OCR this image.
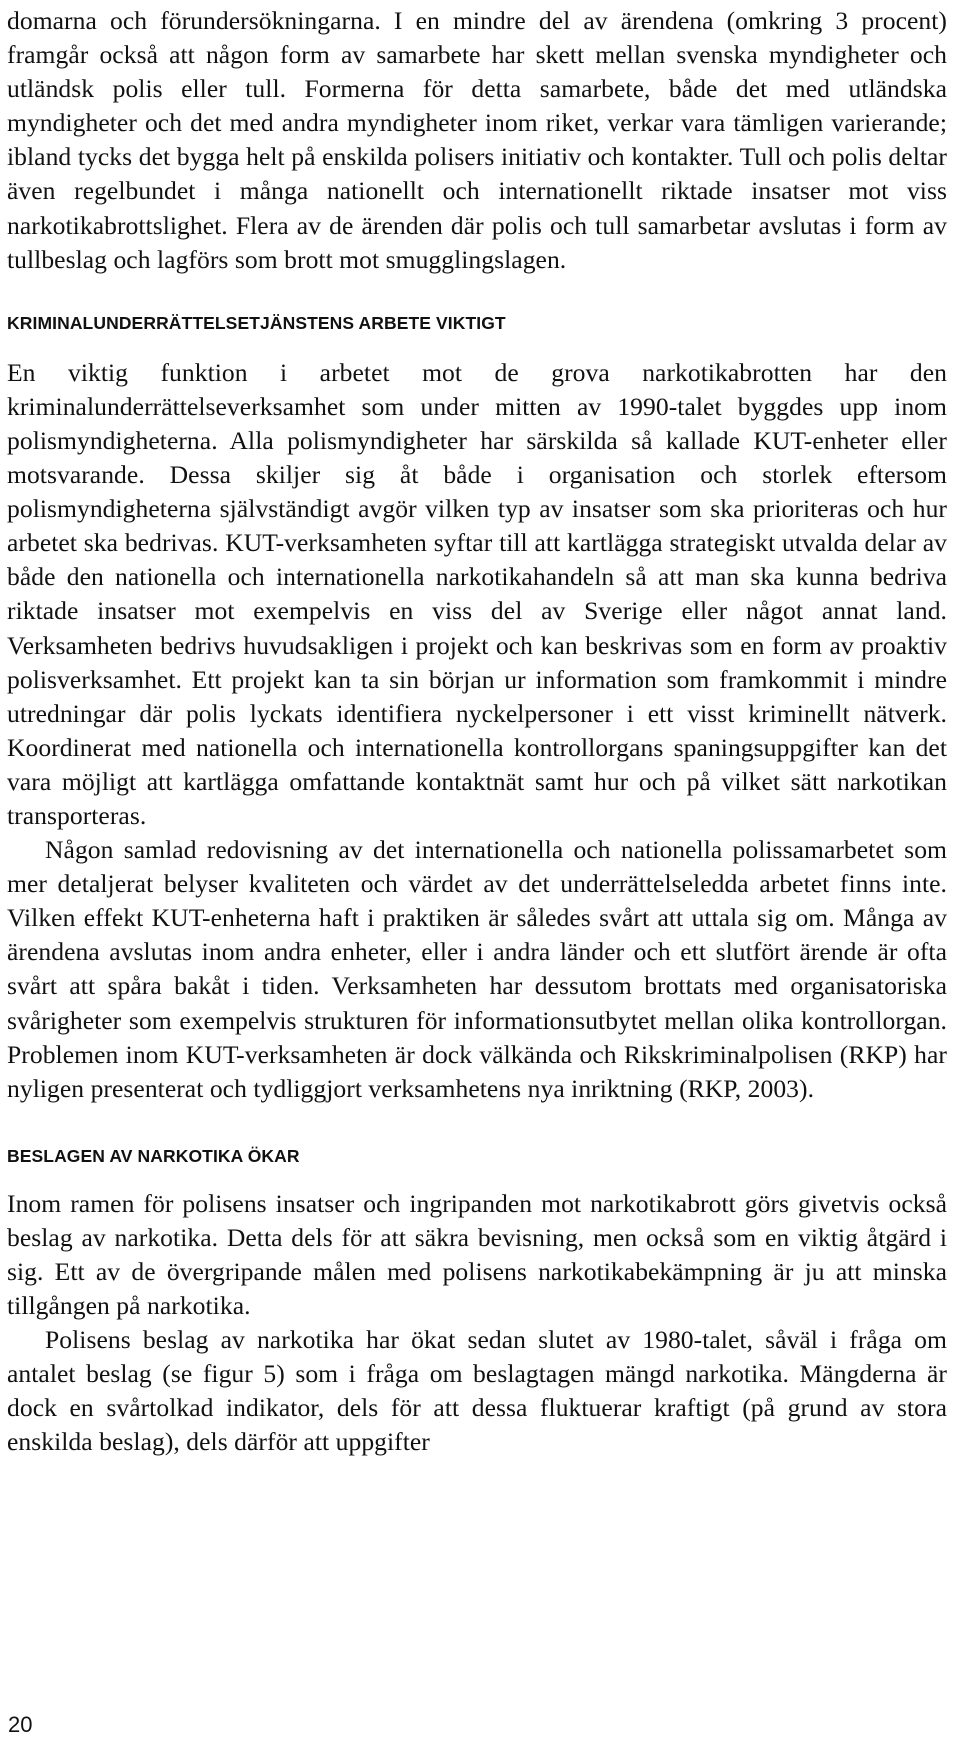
domarna och förundersökningarna. I en mindre del av ärendena (omkring 3 procent) framgår också att någon form av samarbete har skett mellan svenska myndigheter och utländsk polis eller tull. Formerna för detta samarbete, både det med utländska myndigheter och det med andra myndigheter inom riket, verkar vara tämligen varierande; ibland tycks det bygga helt på enskilda polisers initiativ och kontakter. Tull och polis deltar även regelbundet i många nationellt och internationellt riktade insatser mot viss narkotikabrottslighet. Flera av de ärenden där polis och tull samarbetar avslutas i form av tullbeslag och lagförs som brott mot smugglingslagen.

KRIMINALUNDERRÄTTELSETJÄNSTENS ARBETE VIKTIGT

En viktig funktion i arbetet mot de grova narkotikabrotten har den kriminalunderrättelseverksamhet som under mitten av 1990-talet byggdes upp inom polismyndigheterna. Alla polismyndigheter har särskilda så kallade KUT-enheter eller motsvarande. Dessa skiljer sig åt både i organisation och storlek eftersom polismyndigheterna självständigt avgör vilken typ av insatser som ska prioriteras och hur arbetet ska bedrivas. KUT-verksamheten syftar till att kartlägga strategiskt utvalda delar av både den nationella och internationella narkotikahandeln så att man ska kunna bedriva riktade insatser mot exempelvis en viss del av Sverige eller något annat land. Verksamheten bedrivs huvudsakligen i projekt och kan beskrivas som en form av proaktiv polisverksamhet. Ett projekt kan ta sin början ur information som framkommit i mindre utredningar där polis lyckats identifiera nyckelpersoner i ett visst kriminellt nätverk. Koordinerat med nationella och internationella kontrollorgans spaningsuppgifter kan det vara möjligt att kartlägga omfattande kontaktnät samt hur och på vilket sätt narkotikan transporteras.

Någon samlad redovisning av det internationella och nationella polissamarbetet som mer detaljerat belyser kvaliteten och värdet av det underrättelseledda arbetet finns inte. Vilken effekt KUT-enheterna haft i praktiken är således svårt att uttala sig om. Många av ärendena avslutas inom andra enheter, eller i andra länder och ett slutfört ärende är ofta svårt att spåra bakåt i tiden. Verksamheten har dessutom brottats med organisatoriska svårigheter som exempelvis strukturen för informationsutbytet mellan olika kontrollorgan. Problemen inom KUT-verksamheten är dock välkända och Rikskriminalpolisen (RKP) har nyligen presenterat och tydliggjort verksamhetens nya inriktning (RKP, 2003).

BESLAGEN AV NARKOTIKA ÖKAR

Inom ramen för polisens insatser och ingripanden mot narkotikabrott görs givetvis också beslag av narkotika. Detta dels för att säkra bevisning, men också som en viktig åtgärd i sig. Ett av de övergripande målen med polisens narkotikabekämpning är ju att minska tillgången på narkotika.

Polisens beslag av narkotika har ökat sedan slutet av 1980-talet, såväl i fråga om antalet beslag (se figur 5) som i fråga om beslagtagen mängd narkotika. Mängderna är dock en svårtolkad indikator, dels för att dessa fluktuerar kraftigt (på grund av stora enskilda beslag), dels därför att uppgifter

20
